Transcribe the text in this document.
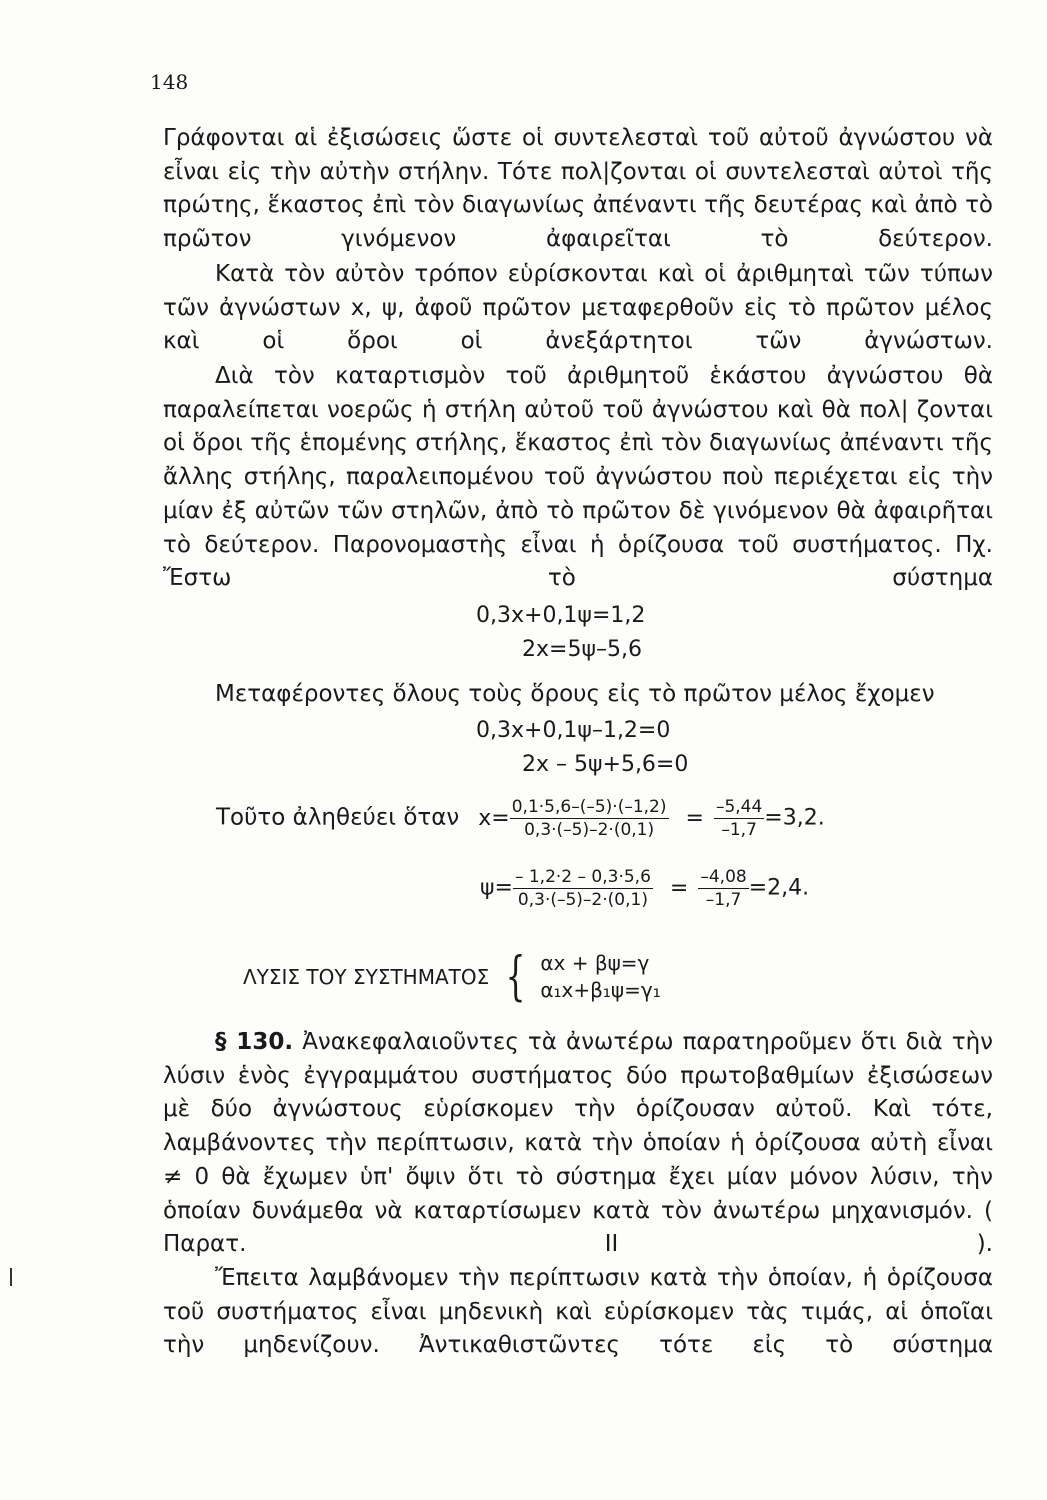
148

Γράφονται αἱ ἐξισώσεις ὥστε οἱ συντελεσταὶ τοῦ αὐτοῦ ἀγνώστου νὰ εἶναι εἰς τὴν αὐτὴν στήλην. Τότε πολ|ζονται οἱ συντελεσταὶ αὐτοὶ τῆς πρώτης, ἕκαστος ἐπὶ τὸν διαγωνίως ἀπέναντι τῆς δευτέρας καὶ ἀπὸ τὸ πρῶτον γινόμενον ἀφαιρεῖται τὸ δεύτερον.

Κατὰ τὸν αὐτὸν τρόπον εὑρίσκονται καὶ οἱ ἀριθμηταὶ τῶν τύπων τῶν ἀγνώστων x, ψ, ἀφοῦ πρῶτον μεταφερθοῦν εἰς τὸ πρῶτον μέλος καὶ οἱ ὅροι οἱ ἀνεξάρτητοι τῶν ἀγνώστων.

Διὰ τὸν καταρτισμὸν τοῦ ἀριθμητοῦ ἑκάστου ἀγνώστου θὰ παραλείπεται νοερῶς ἡ στήλη αὐτοῦ τοῦ ἀγνώστου καὶ θὰ πολ| ζονται οἱ ὅροι τῆς ἑπομένης στήλης, ἕκαστος ἐπὶ τὸν διαγωνίως ἀπέναντι τῆς ἄλλης στήλης, παραλειπομένου τοῦ ἀγνώστου ποὺ περιέχεται εἰς τὴν μίαν ἐξ αὐτῶν τῶν στηλῶν, ἀπὸ τὸ πρῶτον δὲ γινόμενον θὰ ἀφαιρῆται τὸ δεύτερον. Παρονομαστὴς εἶναι ἡ ὁρίζουσα τοῦ συστήματος. Πχ. Ἔστω τὸ σύστημα

0,3x+0,1ψ=1,2
2x=5ψ–5,6

Μεταφέροντες ὅλους τοὺς ὅρους εἰς τὸ πρῶτον μέλος ἔχομεν

0,3x+0,1ψ–1,2=0
2x – 5ψ+5,6=0
Τοῦτο ἀληθεύει ὅταν $x= \frac{0,1\cdot 5,6-(-5)\cdot(-1,2)}{0,3\cdot(-5)-2\cdot(0,1)} = \frac{-5,44}{-1,7} =3,2$.
$\psi= \frac{- 1,2\cdot 2 - 0,3\cdot 5,6}{0,3\cdot(-5)-2\cdot(0,1)} = \frac{-4,08}{-1,7} =2,4$.
ΛΥΣΙΣ ΤΟΥ ΣΥΣΤΗΜΑΤΟΣ { αx + βψ=γ
α₁x+β₁ψ=γ₁

§ 130. Ἀνακεφαλαιοῦντες τὰ ἀνωτέρω παρατηροῦμεν ὅτι διὰ τὴν λύσιν ἑνὸς ἐγγραμμάτου συστήματος δύο πρωτοβαθμίων ἐξισώσεων μὲ δύο ἀγνώστους εὑρίσκομεν τὴν ὁρίζουσαν αὐτοῦ. Καὶ τότε, λαμβάνοντες τὴν περίπτωσιν, κατὰ τὴν ὁποίαν ἡ ὁρίζουσα αὐτὴ εἶναι ≠ 0 θὰ ἔχωμεν ὑπ' ὄψιν ὅτι τὸ σύστημα ἔχει μίαν μόνον λύσιν, τὴν ὁποίαν δυνάμεθα νὰ καταρτίσωμεν κατὰ τὸν ἀνωτέρω μηχανισμόν. ( Παρατ. II ).

Ἔπειτα λαμβάνομεν τὴν περίπτωσιν κατὰ τὴν ὁποίαν, ἡ ὁρίζουσα τοῦ συστήματος εἶναι μηδενικὴ καὶ εὑρίσκομεν τὰς τιμάς, αἱ ὁποῖαι τὴν μηδενίζουν. Ἀντικαθιστῶντες τότε εἰς τὸ σύστημα
